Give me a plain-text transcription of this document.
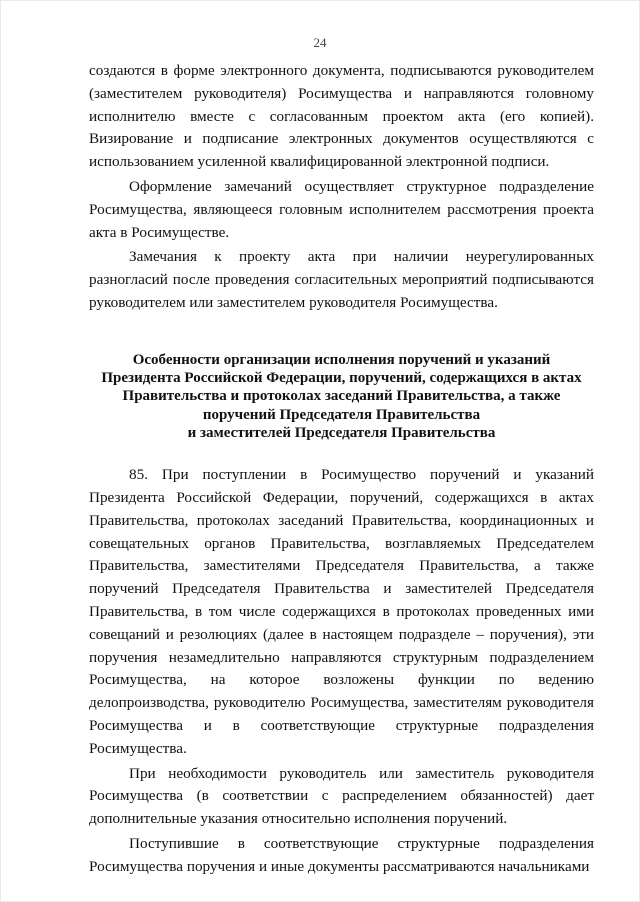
24

создаются в форме электронного документа, подписываются руководителем (заместителем руководителя) Росимущества и направляются головному исполнителю вместе с согласованным проектом акта (его копией). Визирование и подписание электронных документов осуществляются с использованием усиленной квалифицированной электронной подписи.

Оформление замечаний осуществляет структурное подразделение Росимущества, являющееся головным исполнителем рассмотрения проекта акта в Росимуществе.

Замечания к проекту акта при наличии неурегулированных разногласий после проведения согласительных мероприятий подписываются руководителем или заместителем руководителя Росимущества.

Особенности организации исполнения поручений и указаний
Президента Российской Федерации, поручений, содержащихся в актах
Правительства и протоколах заседаний Правительства, а также
поручений Председателя Правительства
и заместителей Председателя Правительства

85. При поступлении в Росимущество поручений и указаний Президента Российской Федерации, поручений, содержащихся в актах Правительства, протоколах заседаний Правительства, координационных и совещательных органов Правительства, возглавляемых Председателем Правительства, заместителями Председателя Правительства, а также поручений Председателя Правительства и заместителей Председателя Правительства, в том числе содержащихся в протоколах проведенных ими совещаний и резолюциях (далее в настоящем подразделе – поручения), эти поручения незамедлительно направляются структурным подразделением Росимущества, на которое возложены функции по ведению делопроизводства, руководителю Росимущества, заместителям руководителя Росимущества и в соответствующие структурные подразделения Росимущества.

При необходимости руководитель или заместитель руководителя Росимущества (в соответствии с распределением обязанностей) дает дополнительные указания относительно исполнения поручений.

Поступившие в соответствующие структурные подразделения Росимущества поручения и иные документы рассматриваются начальниками
